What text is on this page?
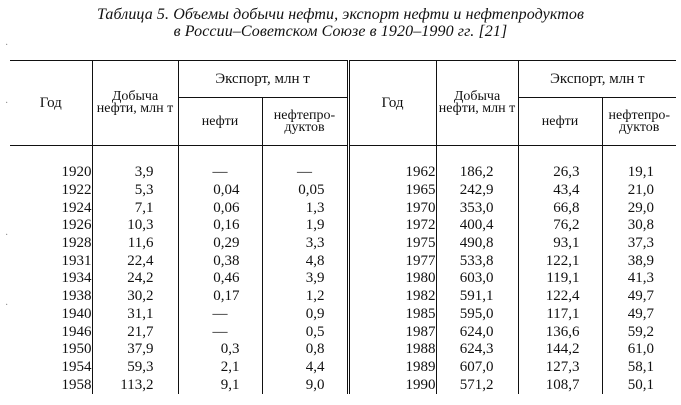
Таблица 5. Объемы добычи нефти, экспорт нефти и нефтепродуктов
в России–Советском Союзе в 1920–1990 гг. [21]
·
·
·
·
Год	Добыча нефти, млн т	Экспорт, млн т		Год	Добыча нефти, млн т	Экспорт, млн т	
		нефти	нефтепро-дуктов			нефти	нефтепро-дуктов
1920	3,9	—	—	1962	186,2	26,3	19,1
1922	5,3	0,04	0,05	1965	242,9	43,4	21,0
1924	7,1	0,06	1,3	1970	353,0	66,8	29,0
1926	10,3	0,16	1,9	1972	400,4	76,2	30,8
1928	11,6	0,29	3,3	1975	490,8	93,1	37,3
1931	22,4	0,38	4,8	1977	533,8	122,1	38,9
1934	24,2	0,46	3,9	1980	603,0	119,1	41,3
1938	30,2	0,17	1,2	1982	591,1	122,4	49,7
1940	31,1	—	0,9	1985	595,0	117,1	49,7
1946	21,7	—	0,5	1987	624,0	136,6	59,2
1950	37,9	0,3	0,8	1988	624,3	144,2	61,0
1954	59,3	2,1	4,4	1989	607,0	127,3	58,1
1958	113,2	9,1	9,0	1990	571,2	108,7	50,1
